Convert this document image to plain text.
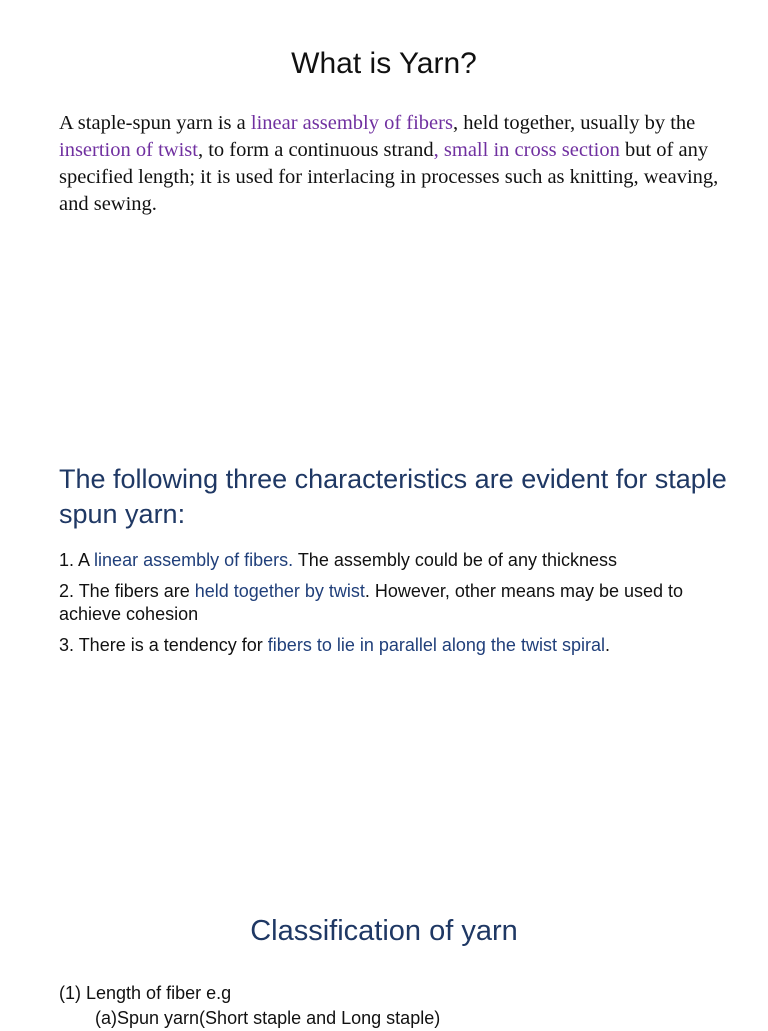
What is Yarn?

A staple-spun yarn is a linear assembly of fibers, held together, usually by the insertion of twist, to form a continuous strand, small in cross section but of any specified length; it is used for interlacing in processes such as knitting, weaving, and sewing.

The following three characteristics are evident for staple spun yarn:
1. A linear assembly of fibers. The assembly could be of any thickness
2. The fibers are held together by twist. However, other means may be used to achieve cohesion
3. There is a tendency for fibers to lie in parallel along the twist spiral.
Classification of yarn
(1) Length of fiber e.g
(a)Spun yarn(Short staple and Long staple)
